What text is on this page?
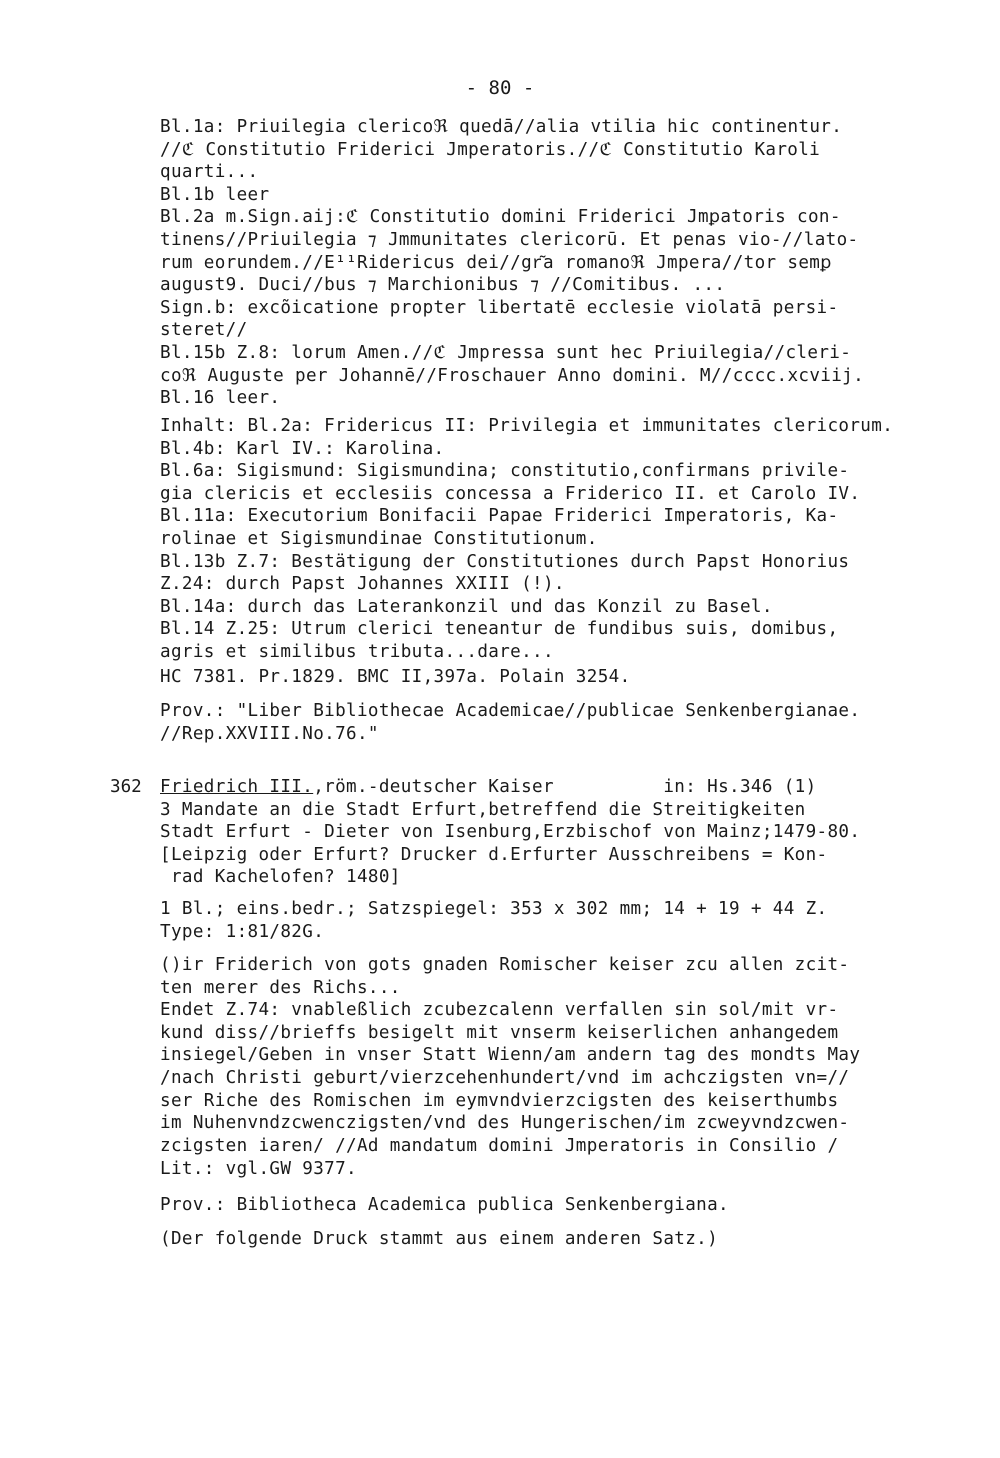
- 80 -
Bl.1a: Priuilegia clericoℜ quedā//alia vtilia hic continentur.
//ℭ Constitutio Friderici Jmperatoris.//ℭ Constitutio Karoli
quarti...
Bl.1b leer
Bl.2a m.Sign.aij:ℭ Constitutio domini Friderici Jmꝑatoris con-
tinens//Priuilegia ⁊ Jmmunitates clericorū. Et penas vio-//lato-
rum eorundem.//E¹¹Ridericus dei//gr͂a romanoℜ Jmpera//tor semꝑ
august9. Duci//bus ⁊ Marchionibus ⁊ //Comitibus. ...
Sign.b: excõicatione propter libertatē ecclesie violatā persi-
steret//
Bl.15b Z.8: lorum Amen.//ℭ Jmpressa sunt hec Priuilegia//cleri-
coℜ Auguste per Johannē//Froschauer Anno domini. M//cccc.xcviij.
Bl.16 leer.
Inhalt: Bl.2a: Fridericus II: Privilegia et immunitates clericorum.
Bl.4b: Karl IV.: Karolina.
Bl.6a: Sigismund: Sigismundina; constitutio,confirmans privile-
gia clericis et ecclesiis concessa a Friderico II. et Carolo IV.
Bl.11a: Executorium Bonifacii Papae Friderici Imperatoris, Ka-
rolinae et Sigismundinae Constitutionum.
Bl.13b Z.7: Bestätigung der Constitutiones durch Papst Honorius
Z.24: durch Papst Johannes XXIII (!).
Bl.14a: durch das Laterankonzil und das Konzil zu Basel.
Bl.14 Z.25: Utrum clerici teneantur de fundibus suis, domibus,
agris et similibus tributa...dare...
HC 7381. Pr.1829. BMC II,397a. Polain 3254.
Prov.: "Liber Bibliothecae Academicae//publicae Senkenbergianae.
//Rep.XXVIII.No.76."
362 Friedrich III.,röm.-deutscher Kaiser          in: Hs.346 (1)
3 Mandate an die Stadt Erfurt,betreffend die Streitigkeiten
Stadt Erfurt - Dieter von Isenburg,Erzbischof von Mainz;1479-80.
[Leipzig oder Erfurt? Drucker d.Erfurter Ausschreibens = Kon-
rad Kachelofen? 1480]
1 Bl.; eins.bedr.; Satzspiegel: 353 x 302 mm; 14 + 19 + 44 Z.
Type: 1:81/82G.
()ir Friderich von gots gnaden Romischer keiser zcu allen zcit-
ten merer des Richs...
Endet Z.74: vnableßlich zcubezcalenn verfallen sin sol/mit vr-
kund diss//brieffs besigelt mit vnserm keiserlichen anhangedem
insiegel/Geben in vnser Statt Wienn/am andern tag des mondts May
/nach Christi geburt/vierzcehenhundert/vnd im achczigsten vn=//
ser Riche des Romischen im eymvndvierzcigsten des keiserthumbs
im Nuhenvndzcwenczigsten/vnd des Hungerischen/im zcweyvndzcwen-
zcigsten iaren/ //Ad mandatum domini Jmperatoris in Consilio /
Lit.: vgl.GW 9377.
Prov.: Bibliotheca Academica publica Senkenbergiana.
(Der folgende Druck stammt aus einem anderen Satz.)
